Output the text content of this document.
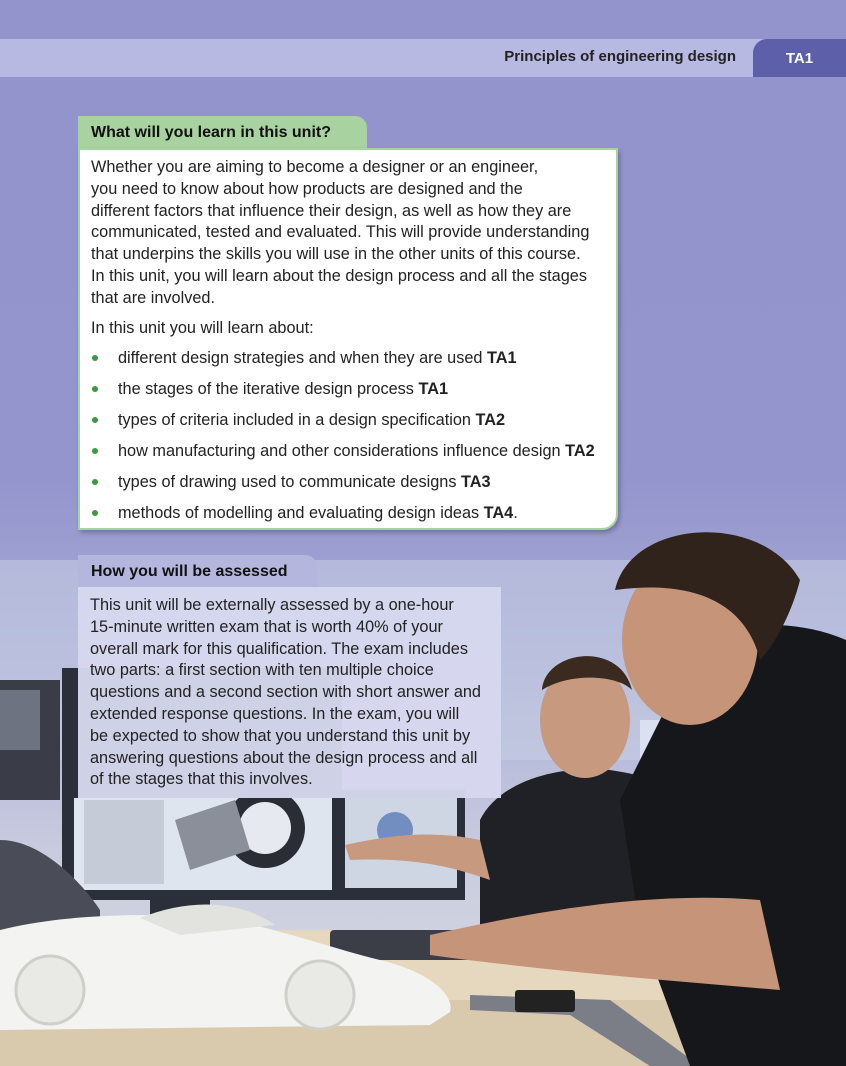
Principles of engineering design	TA1
What will you learn in this unit?

Whether you are aiming to become a designer or an engineer,
you need to know about how products are designed and the
different factors that influence their design, as well as how they are
communicated, tested and evaluated. This will provide understanding
that underpins the skills you will use in the other units of this course.
In this unit, you will learn about the design process and all the stages
that are involved.

In this unit you will learn about:

different design strategies and when they are used TA1
the stages of the iterative design process TA1
types of criteria included in a design specification TA2
how manufacturing and other considerations influence design TA2
types of drawing used to communicate designs TA3
methods of modelling and evaluating design ideas TA4.
How you will be assessed

This unit will be externally assessed by a one-hour
15-minute written exam that is worth 40% of your
overall mark for this qualification. The exam includes
two parts: a first section with ten multiple choice
questions and a second section with short answer and
extended response questions. In the exam, you will
be expected to show that you understand this unit by
answering questions about the design process and all
of the stages that this involves.
